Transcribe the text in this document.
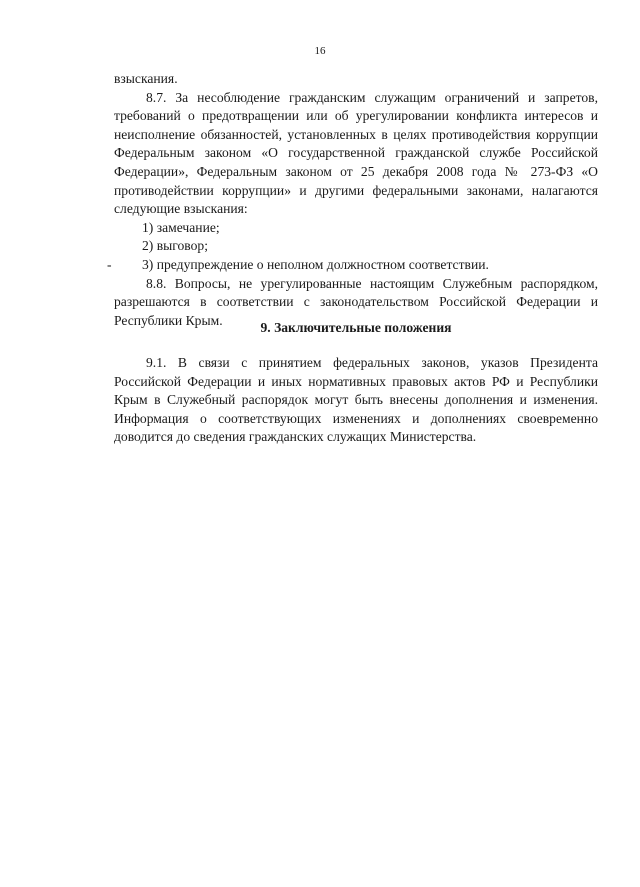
16

взыскания.

8.7. За несоблюдение гражданским служащим ограничений и запретов, требований о предотвращении или об урегулировании конфликта интересов и неисполнение обязанностей, установленных в целях противодействия коррупции Федеральным законом «О государственной гражданской службе Российской Федерации», Федеральным законом от 25 декабря 2008 года № 273-ФЗ «О противодействии коррупции» и другими федеральными законами, налагаются следующие взыскания:

1) замечание;

2) выговор;

- 3) предупреждение о неполном должностном соответствии.

8.8. Вопросы, не урегулированные настоящим Служебным распорядком, разрешаются в соответствии с законодательством Российской Федерации и Республики Крым.	9. Заключительные положения

9.1. В связи с принятием федеральных законов, указов Президента Российской Федерации и иных нормативных правовых актов РФ и Республики Крым в Служебный распорядок могут быть внесены дополнения и изменения. Информация о соответствующих изменениях и дополнениях своевременно доводится до сведения гражданских служащих Министерства.
